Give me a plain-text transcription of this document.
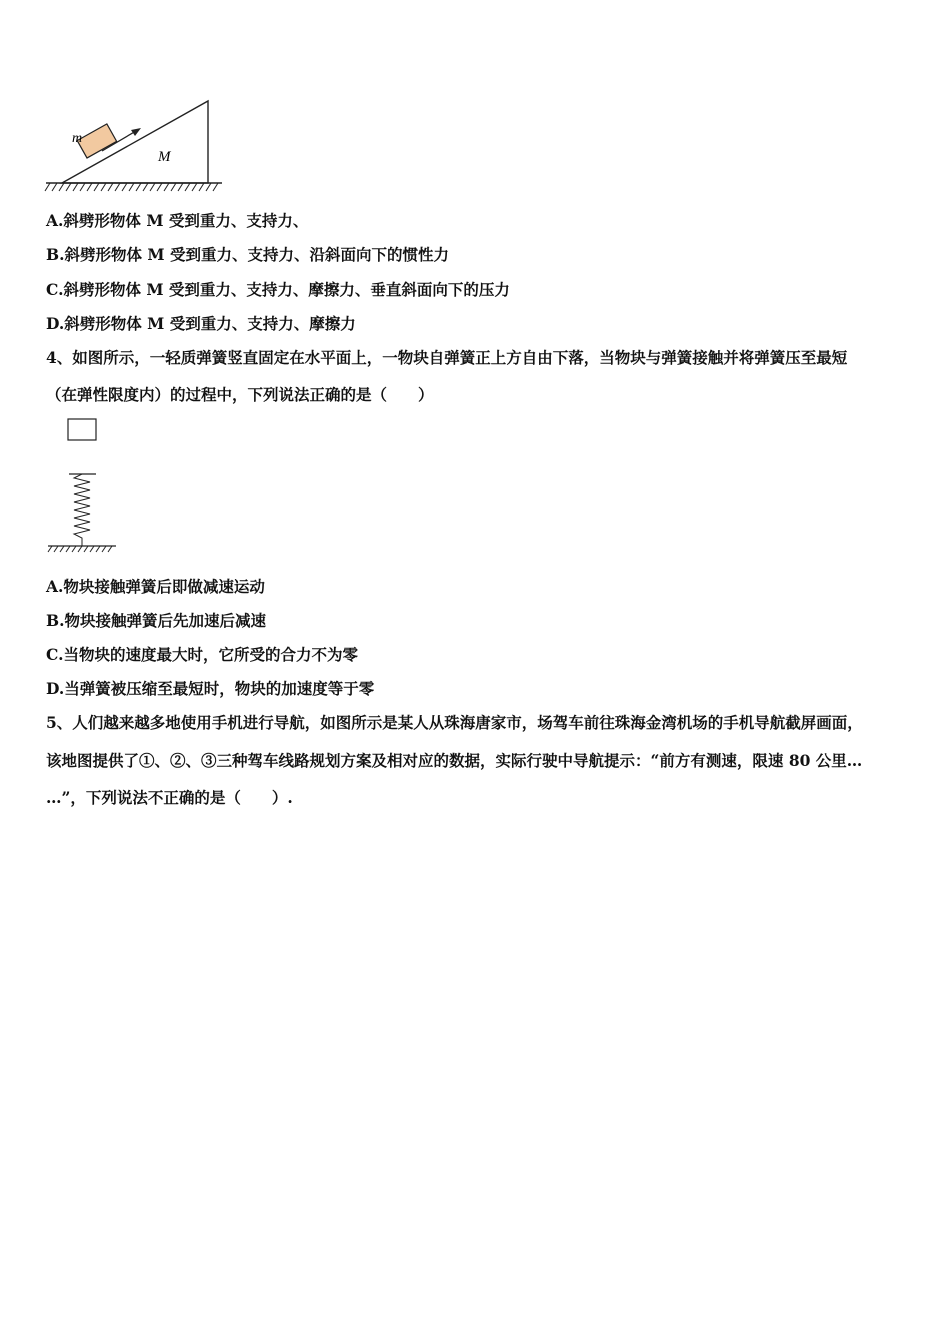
m
M
A.斜劈形物体 M 受到重力、支持力、
B.斜劈形物体 M 受到重力、支持力、沿斜面向下的惯性力
C.斜劈形物体 M 受到重力、支持力、摩擦力、垂直斜面向下的压力
D.斜劈形物体 M 受到重力、支持力、摩擦力
4、如图所示，一轻质弹簧竖直固定在水平面上，一物块自弹簧正上方自由下落，当物块与弹簧接触并将弹簧压至最短
（在弹性限度内）的过程中，下列说法正确的是（　　）
A.物块接触弹簧后即做减速运动
B.物块接触弹簧后先加速后减速
C.当物块的速度最大时，它所受的合力不为零
D.当弹簧被压缩至最短时，物块的加速度等于零
5、人们越来越多地使用手机进行导航，如图所示是某人从珠海唐家市，场驾车前往珠海金湾机场的手机导航截屏画面，
该地图提供了①、②、③三种驾车线路规划方案及相对应的数据，实际行驶中导航提示：“前方有测速，限速 80 公里…
…”，下列说法不正确的是（　　）.
